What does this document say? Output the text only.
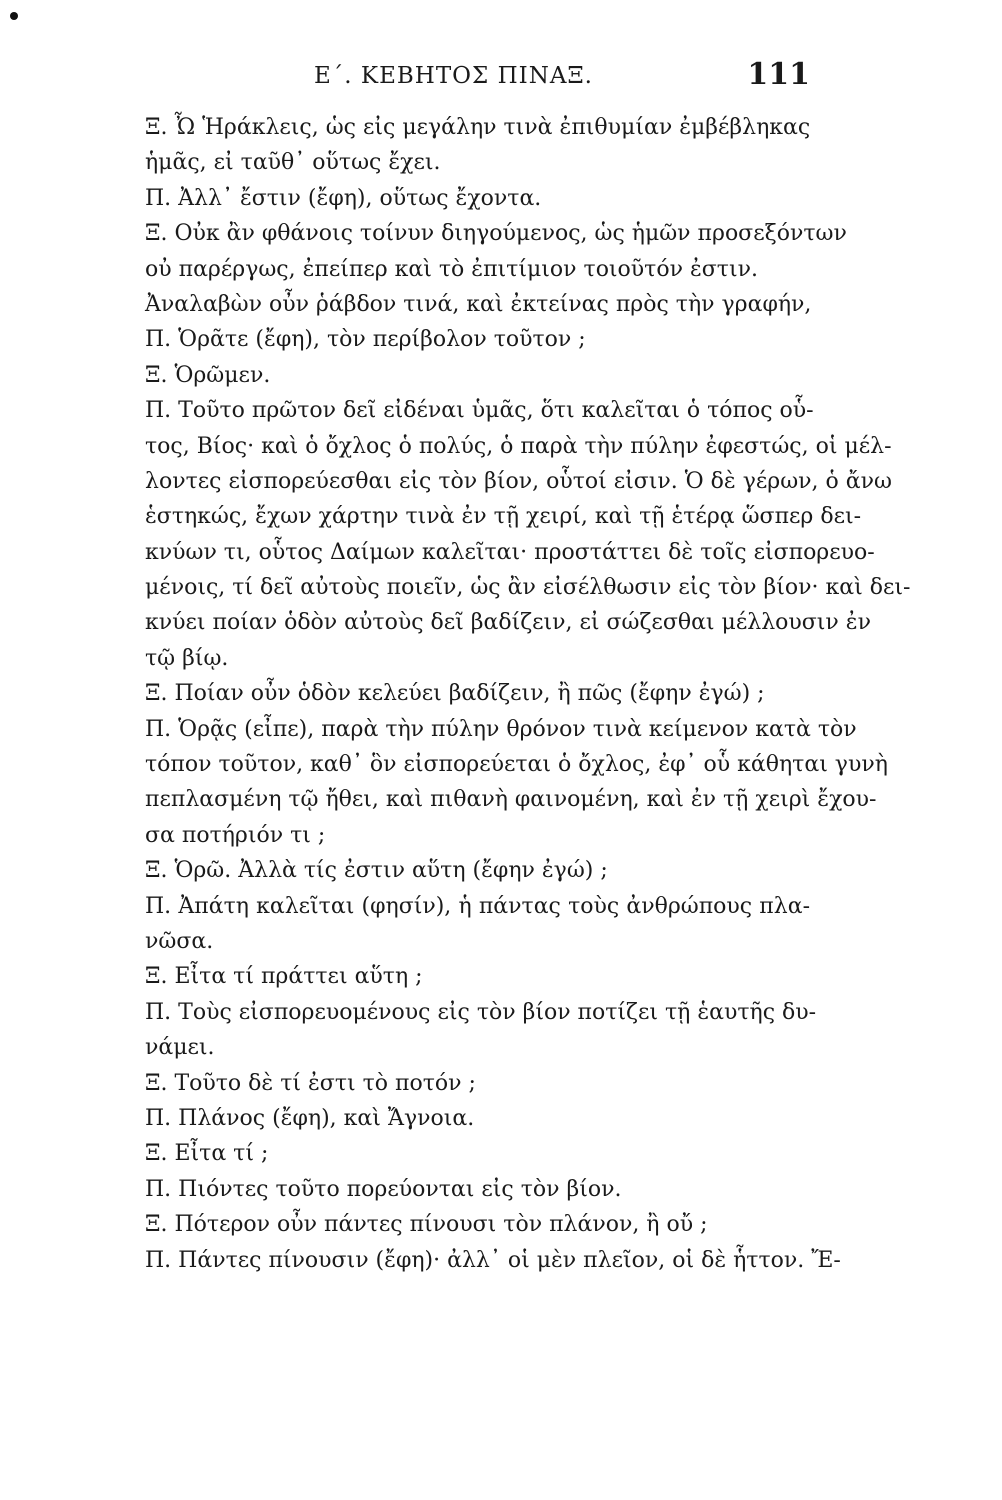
Ε΄. ΚΕΒΗΤΟΣ ΠΙΝΑΞ.	111
Ξ. Ὦ Ἡράκλεις, ὡς εἰς μεγάλην τινὰ ἐπιθυμίαν ἐμβέβληκας
ἡμᾶς, εἰ ταῦθ᾿ οὕτως ἔχει.
Π. Ἀλλ᾿ ἔστιν (ἔφη), οὕτως ἔχοντα.
Ξ. Οὐκ ἂν φθάνοις τοίνυν διηγούμενος, ὡς ἡμῶν προσεξόντων
οὐ παρέργως, ἐπείπερ καὶ τὸ ἐπιτίμιον τοιοῦτόν ἐστιν.
Ἀναλαβὼν οὖν ῥάβδον τινά, καὶ ἐκτείνας πρὸς τὴν γραφήν,
Π. Ὁρᾶτε (ἔφη), τὸν περίβολον τοῦτον ;
Ξ. Ὁρῶμεν.
Π. Τοῦτο πρῶτον δεῖ εἰδέναι ὑμᾶς, ὅτι καλεῖται ὁ τόπος οὗ-
τος, Βίος· καὶ ὁ ὄχλος ὁ πολύς, ὁ παρὰ τὴν πύλην ἐφεστώς, οἱ μέλ-
λοντες εἰσπορεύεσθαι εἰς τὸν βίον, οὗτοί εἰσιν. Ὁ δὲ γέρων, ὁ ἄνω
ἑστηκώς, ἔχων χάρτην τινὰ ἐν τῇ χειρί, καὶ τῇ ἑτέρᾳ ὥσπερ δει-
κνύων τι, οὗτος Δαίμων καλεῖται· προστάττει δὲ τοῖς εἰσπορευο-
μένοις, τί δεῖ αὐτοὺς ποιεῖν, ὡς ἂν εἰσέλθωσιν εἰς τὸν βίον· καὶ δει-
κνύει ποίαν ὁδὸν αὐτοὺς δεῖ βαδίζειν, εἰ σώζεσθαι μέλλουσιν ἐν
τῷ βίῳ.
Ξ. Ποίαν οὖν ὁδὸν κελεύει βαδίζειν, ἢ πῶς (ἔφην ἐγώ) ;
Π. Ὁρᾷς (εἶπε), παρὰ τὴν πύλην θρόνον τινὰ κείμενον κατὰ τὸν
τόπον τοῦτον, καθ᾿ ὃν εἰσπορεύεται ὁ ὄχλος, ἐφ᾿ οὗ κάθηται γυνὴ
πεπλασμένη τῷ ἤθει, καὶ πιθανὴ φαινομένη, καὶ ἐν τῇ χειρὶ ἔχου-
σα ποτήριόν τι ;
Ξ. Ὁρῶ. Ἀλλὰ τίς ἐστιν αὕτη (ἔφην ἐγώ) ;
Π. Ἀπάτη καλεῖται (φησίν), ἡ πάντας τοὺς ἀνθρώπους πλα-
νῶσα.
Ξ. Εἶτα τί πράττει αὕτη ;
Π. Τοὺς εἰσπορευομένους εἰς τὸν βίον ποτίζει τῇ ἑαυτῆς δυ-
νάμει.
Ξ. Τοῦτο δὲ τί ἐστι τὸ ποτόν ;
Π. Πλάνος (ἔφη), καὶ Ἄγνοια.
Ξ. Εἶτα τί ;
Π. Πιόντες τοῦτο πορεύονται εἰς τὸν βίον.
Ξ. Πότερον οὖν πάντες πίνουσι τὸν πλάνον, ἢ οὔ ;
Π. Πάντες πίνουσιν (ἔφη)· ἀλλ᾿ οἱ μὲν πλεῖον, οἱ δὲ ἧττον. Ἔ-
